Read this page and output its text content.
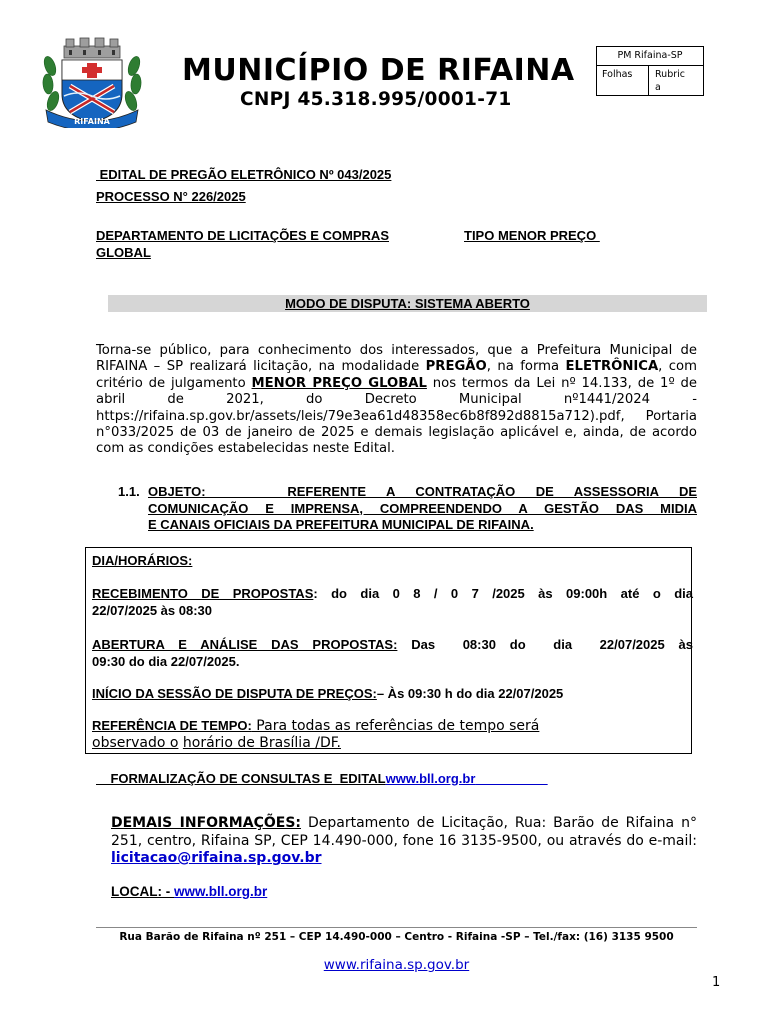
RIFAINA
MUNICÍPIO DE RIFAINA
CNPJ 45.318.995/0001-71
PM Rifaina-SP
Folhas	Rubric
a
EDITAL DE PREGÃO ELETRÔNICO Nº 043/2025
PROCESSO N° 226/2025
DEPARTAMENTO DE LICITAÇÕES E COMPRAS	TIPO MENOR PREÇO
GLOBAL
MODO DE DISPUTA: SISTEMA ABERTO

Torna-se público, para conhecimento dos interessados, que a Prefeitura Municipal de RIFAINA – SP realizará licitação, na modalidade PREGÃO, na forma ELETRÔNICA, com critério de julgamento MENOR PREÇO GLOBAL nos termos da Lei nº 14.133, de 1º de abril de 2021, do Decreto Municipal nº1441/2024 - https://rifaina.sp.gov.br/assets/leis/79e3ea61d48358ec6b8f892d8815a712).pdf, Portaria n°033/2025 de 03 de janeiro de 2025 e demais legislação aplicável e, ainda, de acordo com as condições estabelecidas neste Edital.

1.1. OBJETO:    REFERENTE A CONTRATAÇÃO DE ASSESSORIA DE
COMUNICAÇÃO E IMPRENSA, COMPREENDENDO A GESTÃO DAS MIDIA
E CANAIS OFICIAIS DA PREFEITURA MUNICIPAL DE RIFAINA.
DIA/HORÁRIOS:
RECEBIMENTO DE PROPOSTAS: do dia 0 8 / 0 7 /2025 às 09:00h até o dia
22/07/2025 às 08:30
ABERTURA E ANÁLISE DAS PROPOSTAS: Das  08:30 do  dia  22/07/2025 às
09:30 do dia 22/07/2025.
INÍCIO DA SESSÃO DE DISPUTA DE PREÇOS:– Às 09:30 h do dia 22/07/2025
REFERÊNCIA DE TEMPO: Para todas as referências de tempo será
observado o horário de Brasília /DF.
FORMALIZAÇÃO DE CONSULTAS E  EDITALwww.bll.org.br

DEMAIS INFORMAÇÕES: Departamento de Licitação, Rua: Barão de Rifaina n° 251, centro, Rifaina SP, CEP 14.490-000, fone 16 3135-9500, ou através do e-mail: licitacao@rifaina.sp.gov.br

LOCAL: - www.bll.org.br
Rua Barão de Rifaina nº 251 – CEP 14.490-000 – Centro - Rifaina -SP – Tel./fax: (16) 3135 9500
www.rifaina.sp.gov.br
1
